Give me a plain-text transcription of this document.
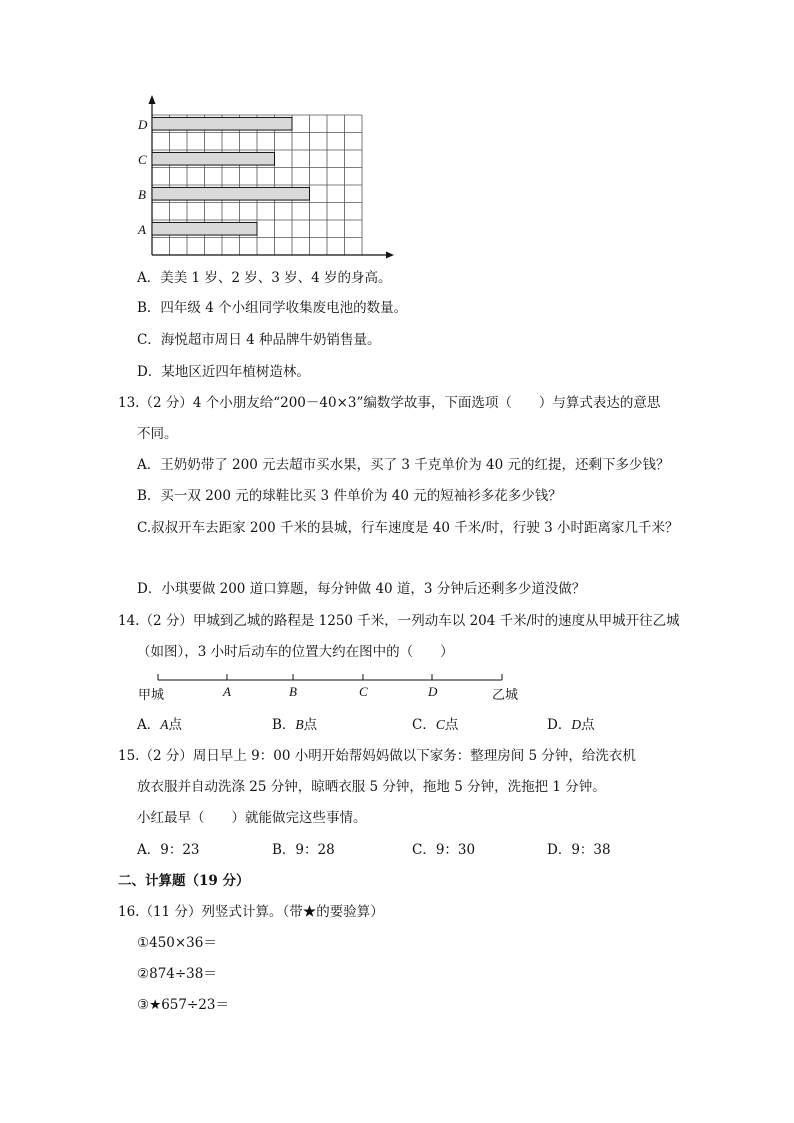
A
B
C
D
A．美美 1 岁、2 岁、3 岁、4 岁的身高。
B．四年级 4 个小组同学收集废电池的数量。
C．海悦超市周日 4 种品牌牛奶销售量。
D．某地区近四年植树造林。
13.（2 分）4 个小朋友给“200－40×3”编数学故事，下面选项（　　）与算式表达的意思
不同。
A．王奶奶带了 200 元去超市买水果，买了 3 千克单价为 40 元的红提，还剩下多少钱？
B．买一双 200 元的球鞋比买 3 件单价为 40 元的短袖衫多花多少钱？
C.叔叔开车去距家 200 千米的县城，行车速度是 40 千米/时，行驶 3 小时距离家几千米？
D．小琪要做 200 道口算题，每分钟做 40 道，3 分钟后还剩多少道没做？
14.（2 分）甲城到乙城的路程是 1250 千米，一列动车以 204 千米/时的速度从甲城开往乙城
（如图），3 小时后动车的位置大约在图中的（　　）
甲城	A	B	C	D	乙城
A．A点	B．B点	C．C点	D．D点
15.（2 分）周日早上 9：00 小明开始帮妈妈做以下家务：整理房间 5 分钟，给洗衣机
放衣服并自动洗涤 25 分钟，晾晒衣服 5 分钟，拖地 5 分钟，洗拖把 1 分钟。
小红最早（　　）就能做完这些事情。
A．9：23	B．9：28	C．9：30	D．9：38
二、计算题（19 分）
16.（11 分）列竖式计算。（带★的要验算）
①450×36＝
②874÷38＝
③★657÷23＝
